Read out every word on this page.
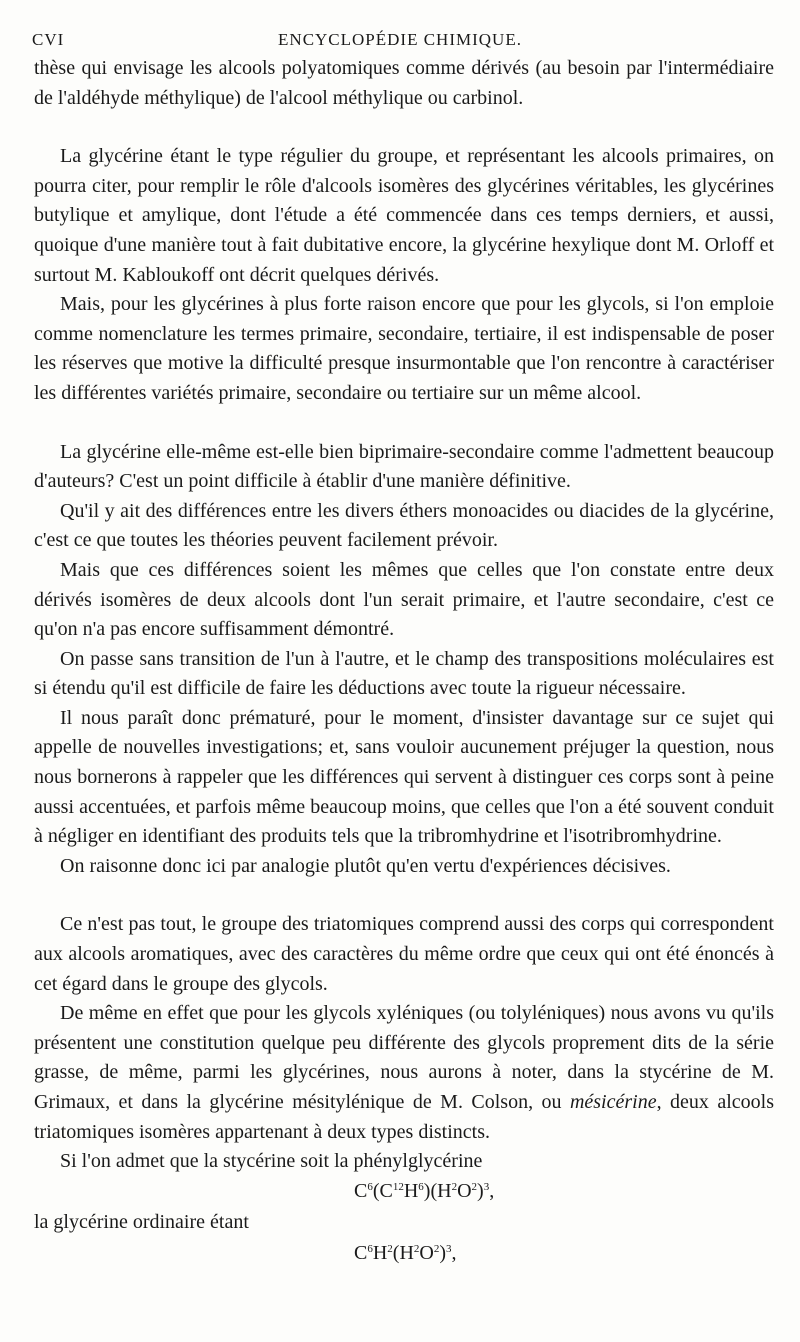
CVI	ENCYCLOPÉDIE CHIMIQUE.

thèse qui envisage les alcools polyatomiques comme dérivés (au besoin par l'intermédiaire de l'aldéhyde méthylique) de l'alcool méthylique ou carbinol.

La glycérine étant le type régulier du groupe, et représentant les alcools primaires, on pourra citer, pour remplir le rôle d'alcools isomères des glycérines véritables, les glycérines butylique et amylique, dont l'étude a été commencée dans ces temps derniers, et aussi, quoique d'une manière tout à fait dubitative encore, la glycérine hexylique dont M. Orloff et surtout M. Kabloukoff ont décrit quelques dérivés.

Mais, pour les glycérines à plus forte raison encore que pour les glycols, si l'on emploie comme nomenclature les termes primaire, secondaire, tertiaire, il est indispensable de poser les réserves que motive la difficulté presque insurmontable que l'on rencontre à caractériser les différentes variétés primaire, secondaire ou tertiaire sur un même alcool.

La glycérine elle-même est-elle bien biprimaire-secondaire comme l'admettent beaucoup d'auteurs? C'est un point difficile à établir d'une manière définitive.

Qu'il y ait des différences entre les divers éthers monoacides ou diacides de la glycérine, c'est ce que toutes les théories peuvent facilement prévoir.

Mais que ces différences soient les mêmes que celles que l'on constate entre deux dérivés isomères de deux alcools dont l'un serait primaire, et l'autre secondaire, c'est ce qu'on n'a pas encore suffisamment démontré.

On passe sans transition de l'un à l'autre, et le champ des transpositions moléculaires est si étendu qu'il est difficile de faire les déductions avec toute la rigueur nécessaire.

Il nous paraît donc prématuré, pour le moment, d'insister davantage sur ce sujet qui appelle de nouvelles investigations; et, sans vouloir aucunement préjuger la question, nous nous bornerons à rappeler que les différences qui servent à distinguer ces corps sont à peine aussi accentuées, et parfois même beaucoup moins, que celles que l'on a été souvent conduit à négliger en identifiant des produits tels que la tribromhydrine et l'isotribromhydrine.

On raisonne donc ici par analogie plutôt qu'en vertu d'expériences décisives.

Ce n'est pas tout, le groupe des triatomiques comprend aussi des corps qui correspondent aux alcools aromatiques, avec des caractères du même ordre que ceux qui ont été énoncés à cet égard dans le groupe des glycols.

De même en effet que pour les glycols xyléniques (ou tolyléniques) nous avons vu qu'ils présentent une constitution quelque peu différente des glycols proprement dits de la série grasse, de même, parmi les glycérines, nous aurons à noter, dans la stycérine de M. Grimaux, et dans la glycérine mésitylénique de M. Colson, ou mésicérine, deux alcools triatomiques isomères appartenant à deux types distincts.

Si l'on admet que la stycérine soit la phénylglycérine

$C^6(C^{12}H^6)(H^2O^2)^3$,
la glycérine ordinaire étant
$C^6H^2(H^2O^2)^3$,
